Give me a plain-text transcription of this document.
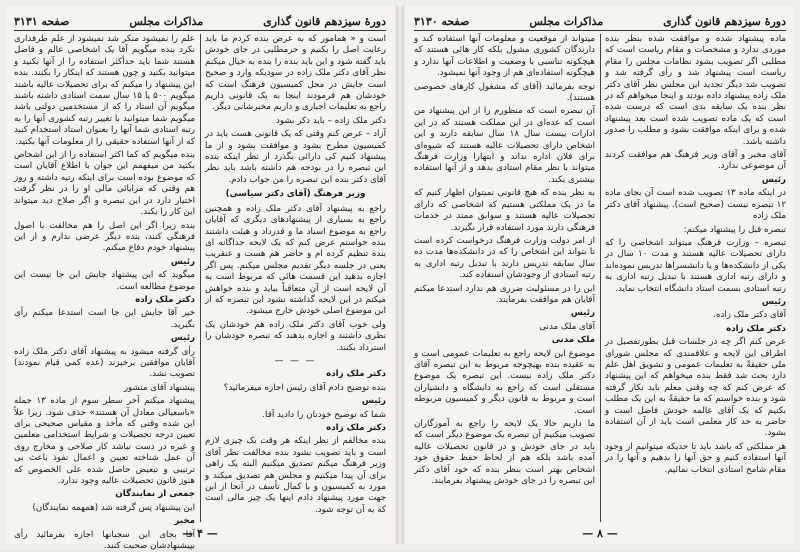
دورهٔ سیزدهم قانون گذاری
مذاکرات مجلس
صفحه ۳۱۳۱

است و « همامور که به عرض بنده کردم ما باید رعایت اصل را بکنیم و حرمطلبی در جای خودش باید گفته شود و این باید بنده را بنده به خیال میکنم نظر آقای دکتر ملک زاده در سودیکه وارد و صحیح است جایش در محل کمیسیون فرهنگ است که خودشان هم فرمودند اینجا به یک قانونی داریم راجع به تعلیمات اجباری و داریم مخبرشانی دیگر.

دکتر ملک زاده – باید ذکر بشود

آزاد – عرض کنم وقتی که یک قانونی هست باید در کمیسیون مطرح بشود و موافقت بشود و از ما پیشنهاد کنیم کی دارائی بگذرد از نظر اینکه بنده این تبصره را در بودجه هم داشته باشد باید نظر آقای دکتر بنده این تبصره را من جواب دادم.

وزیر فرهنگ (آقای دکتر سیاسی)

راجع به پیشنهاد آقای دکتر ملک زاده و همچنین راجع به بسیاری از پیشنهادهای دیگری که آقایان راجع به موضوع اسناد ما و قدرداد و هیئت داشتند بنده خواستم عرض کنم که یک لایحه جداگانه ای بنده تنظیم کرده ام و حاضر هم هست و عنقریب یعنی در جلسه دیگر تقدیم مجلس میکنم. پس اگر اجازه بدهید این قسمت هائی که مربوط است به آن لایحه است از آن متعاقباً بیاید و بنده خواهش میکنم در این لایحه گذاشته نشود این تبصره که از این موضوع اصلی خودش خارج میشود.

ولی خوب آقای دکتر ملک زاده هم خودشان یک نظری داشتند و اجازه بدهند که تبصره خودشان را استرداد بکنند.

— — —

دکتر ملک زاده

بنده توضیح دادم آقای رئیس اجازه میفرمائید؟

رئیس

شما که توضیح خودتان را دادید آقا.

دکتر ملک زاده

بنده مخالفم از نظر اینکه هر وقت یک چیزی لازم است و باید تصویب بشود بنده مخالفت نظر آقای وزیر فرهنگ میکنم تصدیق میکنیم البته یک راهی برای آن پیدا میکنیم و مجلس هم تصدیق میکند و مورد به کمیسیون و با کمال تأسف در آنجا از این جهت مورد پیشنهاد دادم اینها یک چیز مالی است که به آن توجه شود.

علم را نمیشود منکر شد نمیشود از علم طرفداری نکرد بنده میگویم آقا یک اشخاصی عالم و فاضل هستند شما باید حدأکثر استفاده را از آنها بکنید و میتوانید بکنید و چون هستند که اینکار را بکنند. بنده این پیشنهاد را میکنم که برای تحصیلات عالیه باشند میگویم ۵۰۰ یا ۱۵ سال سمت استادی داشته باشند میگویم آن استاد را که از مستخدمین دولتی باشد میگویم شما میتوانید با تغییر رتبه کشوری آنها را به رتبه استادی شما آنها را بعنوان استاد استخدام کنید که از آنها استفاده حقیقی را از معلومات آنها بکنید.

بنده میگویم که کما اکثر استفاده را از این اشخاص بکنید من میفهمم این جوان با اطلاع آقایان است که موضوع بوده است برای اینکه رتبه داشته و روز هم وقتی که مزایائی مالی او را در نظر گرفت اختیار دارد در این تبصره و اگر صلاح دید میتواند این کار را بکند.

بنده زیرا اگر این اصل را هم مخالفت با اصول فرهنگی کنند، بنده دیگر عرضی ندارم و از این پیشنهاد خودم دفاع میکنم.

رئیس

میگوید که این پیشنهاد جایش این جا نیست این موضوع مطالعه است.

دکتر ملک زاده

خیر آقا جایش این جا است استدعا میکنم رأی بگیرید.

رئیس

رأی گرفته میشود به پیشنهاد آقای دکتر ملک زاده آقایان موافقین برخیزند (عده کمی قیام نمودند) تصویب نشد.

پیشنهاد آقای منشور

پیشنهاد میکنم آخر سطر سوم از ماده ۱۳ جمله «باسعیالی معادل آن هستند» حذف شود. زیرا علاً این شده وقتی که مأخذ و مقیاس صحیحی برای تعیین درجه تحصیلات و شرایط استخدامی معلمین و غیره در دست نباشد کار صلاحی و مخارج روی آن عمل شناخته تعیین و اعمال نفوذ باعث بی ترتیبی و تبعیض حاصل شده علی الخصوص که هنوز قانون تحصیلات عالیه وجود ندارد.

جمعی از نمایندگان

این پیشنهاد پس گرفته شد (همهمه نمایندگان)

مخبر

آقا بجای این سجبانها اجازه بفرمائید رأی بپیشنهادشان صحبت کنند.

— ۴ —
دورهٔ سیزدهم قانون گذاری
مذاکرات مجلس
صفحه ۳۱۳۰

ماده پیشنهاد شده و موافقت شده بنظر بنده موردی ندارد و مشخصات و مقام ریاست است که مطلبی اگر تصویب بشود نظامات مجلس را مقام ریاست است پیشنهاد شد و رأی گرفته شد و تصویب شد دیگر تجدید این مجلس نظر آقای دکتر ملک زاده پیشنهاد داده بودند و اینجا میخواهم که در نظر بنده یک سابقه بدی است که درست شده است که یک ماده تصویب شده است بعد پیشنهاد شده و برای اینکه موافقت بشود و مطلب را صدور داشته باشد.

آقای مخبر و آقای وزیر فرهنگ هم موافقت کردند آن موضوعی ندارد.

رئیس

در اینکه ماده ۱۳ تصویب شده است آن بجای ماده ۱۲ تبصره نیست (صحیح است). پیشنهاد آقای دکتر ملک زاده

تبصره قبل را پیشنهاد میکنم:

تبصره – وزارت فرهنگ میتواند اشخاصی را که دارای تحصیلات عالیه هستند و مدت ۱۰ سال در یکی از دانشکده‌ها و یا دانشسراها تدریس نموده‌اند و دارای رتبه اداری هستند با تبدیل رتبه اداری به رتبه استادی بسمت استاد دانشگاه انتخاب نماید.

رئیس

آقای دکتر ملک زاده.

دکتر ملک زاده

عرض کنم اگر چه در جلسات قبل بطورتفصیل در اطراف این لایحه و علاقمندی که مجلس شورای ملی حقیقةً به تعلیمات عمومی و تشویق اهل علم دارد بحث شد فقط بنده میخواهم که این پیشنهاد که عرض کنم که چه وقتی معلم باید بکار گرفته شود و بنده خواستم که ما حقیقةً به این یک مطلب بکنیم که یک آقای عالمه خودش فاضل است و حاضر به حد کار معلمی است باید از آن استفاده بشود.

هر مملکتی که باشد باید تا حدیکه میتوانیم از وجود آنها استفاده کنیم و حق آنها را بدهیم و آنها را در مقام شامخ استادی انتخاب نمائیم.

میتواند از موقعیت و معلومات آنها استفاده کند و دارندگان کشوری مشول بلکه کار هائی هستند که هیچکونه تناسبی با وضعیت و اطلاعات آنها ندارد و هیچگونه استفاده‌ای هم از وجود آنها نمیشود.

توجه بفرمائید (آقای که مشغول کارهای خصوصی هستند).

آن تبصره است که منظورم را از این پیشنهاد من است که عده‌ای در این مملکت هستند که در این ادارات بیست سال ۱۸ سال سابقه دارند و این اشخاص دارای تحصیلات عالیه هستند که شیوه‌ای برای فلان اداره نداند و ابتهارا وزارت فرهنگ میتواند با نظر مقام استادی بدهد و از آنها استفاده بیشتری بکند.

به نظر بنده که هیچ قانونی نمیتوان اظهار کنیم که ما در یک مملکتی هستیم که اشخاصی که دارای تحصیلات عالیه هستند و سوابق ممتد در خدمات فرهنگی دارند مورد استفاده قرار نگیرند.

از امر دولت وزارت فرهنگ درخواست کرده است تا بتواند این اشخاص را که در دانشکده‌ها مدت ده سال سابقه تدریس دارند با تبدیل رتبه اداری به رتبه استادی از وجودشان استفاده کند.

این را در مسئولیت ضرری هم ندارد استدعا میکنم آقایان هم موافقت بفرمایند.

رئیس

آقای ملک مدنی

ملک مدنی

موضوع این لایحه راجع به تعلیمات عمومی است و به عقیده بنده بهیچوجه مربوط به این تبصره آقای دکتر ملک زاده نیست. این تبصره یک موضوع مستقلی است که راجع به دانشگاه و دانشیاران است و مربوط به قانون دیگر و کمیسیون مربوطه است.

ما داریم حالا یک لایحه را راجع به آموزگاران تصویب میکنیم آن تبصره یک موضوع دیگر است که باید در جای خودش و در قانون تحصیلات عالیه آمده باشد بلکه هم از لحاظ حفظ حقوق خود اشخاص بهتر است بنظر بنده که خود آقای دکتر این تبصره را در جای خودش پیشنهاد بفرمایند.

— ۸ —
